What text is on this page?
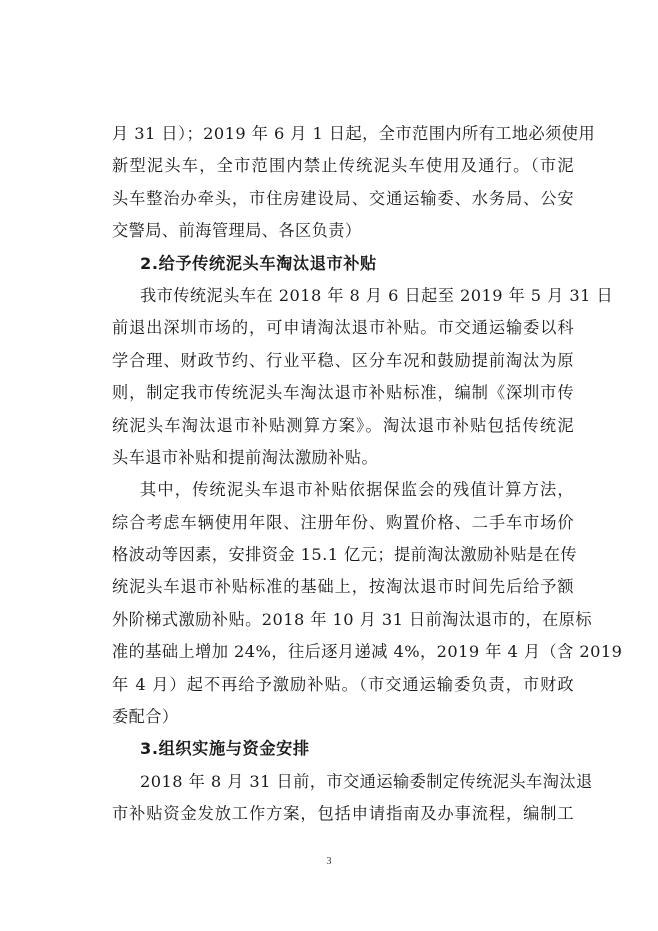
月 31 日）；2019 年 6 月 1 日起，全市范围内所有工地必须使用
新型泥头车，全市范围内禁止传统泥头车使用及通行。（市泥
头车整治办牵头，市住房建设局、交通运输委、水务局、公安
交警局、前海管理局、各区负责）
2.给予传统泥头车淘汰退市补贴
我市传统泥头车在 2018 年 8 月 6 日起至 2019 年 5 月 31 日
前退出深圳市场的，可申请淘汰退市补贴。市交通运输委以科
学合理、财政节约、行业平稳、区分车况和鼓励提前淘汰为原
则，制定我市传统泥头车淘汰退市补贴标准，编制《深圳市传
统泥头车淘汰退市补贴测算方案》。淘汰退市补贴包括传统泥
头车退市补贴和提前淘汰激励补贴。
其中，传统泥头车退市补贴依据保监会的残值计算方法，
综合考虑车辆使用年限、注册年份、购置价格、二手车市场价
格波动等因素，安排资金 15.1 亿元；提前淘汰激励补贴是在传
统泥头车退市补贴标准的基础上，按淘汰退市时间先后给予额
外阶梯式激励补贴。2018 年 10 月 31 日前淘汰退市的，在原标
准的基础上增加 24%，往后逐月递减 4%，2019 年 4 月（含 2019
年 4 月）起不再给予激励补贴。（市交通运输委负责，市财政
委配合）
3.组织实施与资金安排
2018 年 8 月 31 日前，市交通运输委制定传统泥头车淘汰退
市补贴资金发放工作方案，包括申请指南及办事流程，编制工
3
